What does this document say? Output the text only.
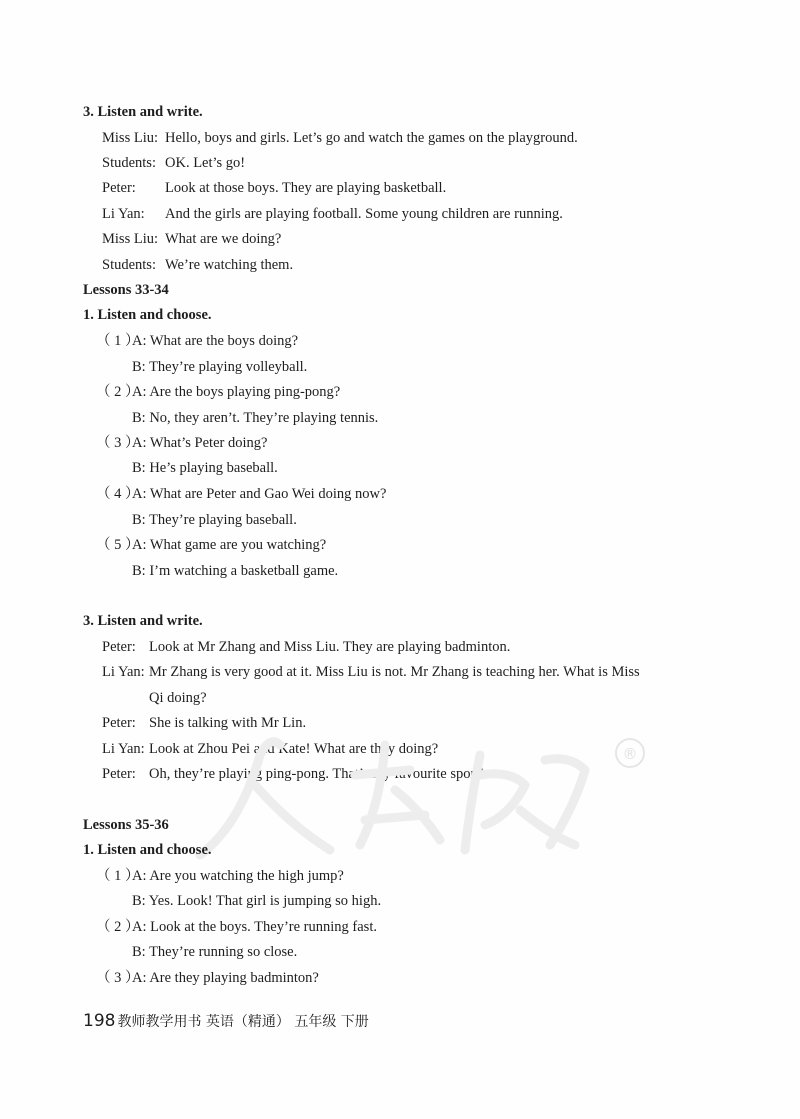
3. Listen and write.
Miss Liu: Hello, boys and girls. Let’s go and watch the games on the playground.
Students: OK. Let’s go!
Peter: Look at those boys. They are playing basketball.
Li Yan: And the girls are playing football. Some young children are running.
Miss Liu: What are we doing?
Students: We’re watching them.
Lessons 33-34
1. Listen and choose.
（ 1 ）
A: What are the boys doing?
B: They’re playing volleyball.
（ 2 ）
A: Are the boys playing ping-pong?
B: No, they aren’t. They’re playing tennis.
（ 3 ）
A: What’s Peter doing?
B: He’s playing baseball.
（ 4 ）
A: What are Peter and Gao Wei doing now?
B: They’re playing baseball.
（ 5 ）
A: What game are you watching?
B: I’m watching a basketball game.
3. Listen and write.
Peter: Look at Mr Zhang and Miss Liu. They are playing badminton.
Li Yan: Mr Zhang is very good at it. Miss Liu is not. Mr Zhang is teaching her. What is Miss
Qi doing?
Peter: She is talking with Mr Lin.
Li Yan: Look at Zhou Pei and Kate! What are they doing?
Peter: Oh, they’re playing ping-pong. That’s my favourite sport!
®
Lessons 35-36
1. Listen and choose.
（ 1 ）
A: Are you watching the high jump?
B: Yes. Look! That girl is jumping so high.
（ 2 ）
A: Look at the boys. They’re running fast.
B: They’re running so close.
（ 3 ）
A: Are they playing badminton?
198 教师教学用书 英语（精通） 五年级 下册
